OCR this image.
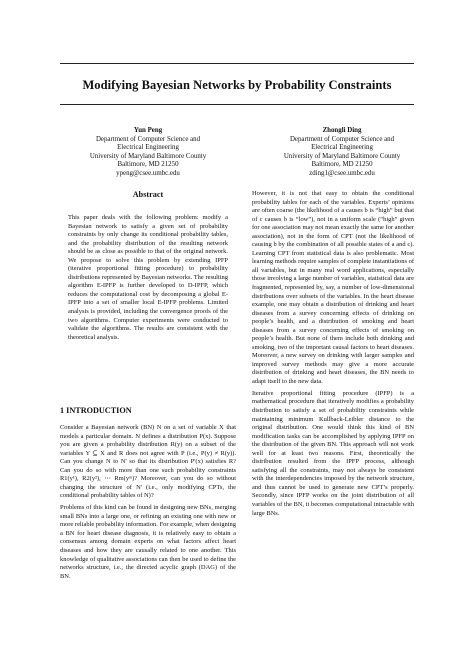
Modifying Bayesian Networks by Probability Constraints
Yun Peng
Department of Computer Science and
Electrical Engineering
University of Maryland Baltimore County
Baltimore, MD 21250
ypeng@csee.umbc.edu
Zhongli Ding
Department of Computer Science and
Electrical Engineering
University of Maryland Baltimore County
Baltimore, MD 21250
zding1@csee.umbc.edu
Abstract
This paper deals with the following problem: modify a Bayesian network to satisfy a given set of probability constraints by only change its conditional probability tables, and the probability distribution of the resulting network should be as close as possible to that of the original network. We propose to solve this problem by extending IPFP (iterative proportional fitting procedure) to probability distributions represented by Bayesian networks. The resulting algorithm E-IPFP is further developed to D-IPFP, which reduces the computational cost by decomposing a global E-IPFP into a set of smaller local E-IPFP problems. Limited analysis is provided, including the convergence proofs of the two algorithms. Computer experiments were conducted to validate the algorithms. The results are consistent with the theoretical analysis.
1 INTRODUCTION

Consider a Bayesian network (BN) N on a set of variable X that models a particular domain. N defines a distribution P(x). Suppose you are given a probability distribution R(y) on a subset of the variables Y ⊆ X and R does not agree with P (i.e., P(y) ≠ R(y)). Can you change N to N' so that its distribution P'(x) satisfies R? Can you do so with more than one such probability constraints R1(y¹), R2(y²), ⋯ Rm(yᵐ)? Moreover, can you do so without changing the structure of N' (i.e., only modifying CPTs, the conditional probability tables of N)?

Problems of this kind can be found in designing new BNs, merging small BNs into a large one, or refining an existing one with new or more reliable probability information. For example, when designing a BN for heart disease diagnosis, it is relatively easy to obtain a consensus among domain experts on what factors affect heart diseases and how they are causally related to one another. This knowledge of qualitative associations can then be used to define the networks structure, i.e., the directed acyclic graph (DAG) of the BN.

However, it is not that easy to obtain the conditional probability tables for each of the variables. Experts’ opinions are often coarse (the likelihood of a causes b is “high” but that of c causes b is “low”), not in a uniform scale (“high” given for one association may not mean exactly the same for another association), not in the form of CPT (not the likelihood of causing b by the combination of all possible states of a and c). Learning CPT from statistical data is also problematic. Most learning methods require samples of complete instantiations of all variables, but in many real word applications, especially those involving a large number of variables, statistical data are fragmented, represented by, say, a number of low-dimensional distributions over subsets of the variables. In the heart disease example, one may obtain a distribution of drinking and heart diseases from a survey concerning effects of drinking on people’s health, and a distribution of smoking and heart diseases from a survey concerning effects of smoking on people’s health. But none of them include both drinking and smoking, two of the important causal factors to heart diseases. Moreover, a new survey on drinking with larger samples and improved survey methods may give a more accurate distribution of drinking and heart diseases, the BN needs to adapt itself to the new data.

Iterative proportional fitting procedure (IPFP) is a mathematical procedure that iteratively modifies a probability distribution to satisfy a set of probability constraints while maintaining minimum Kullback-Leibler distance to the original distribution. One would think this kind of BN modification tasks can be accomplished by applying IPFP on the distribution of the given BN. This approach will not work well for at least two reasons. First, theoretically the distribution resulted from the IPFP process, although satisfying all the constraints, may not always be consistent with the interdependencies imposed by the network structure, and thus cannot be used to generate new CPT’s properly. Secondly, since IPFP works on the joint distribution of all variables of the BN, it becomes computational intractable with large BNs.
